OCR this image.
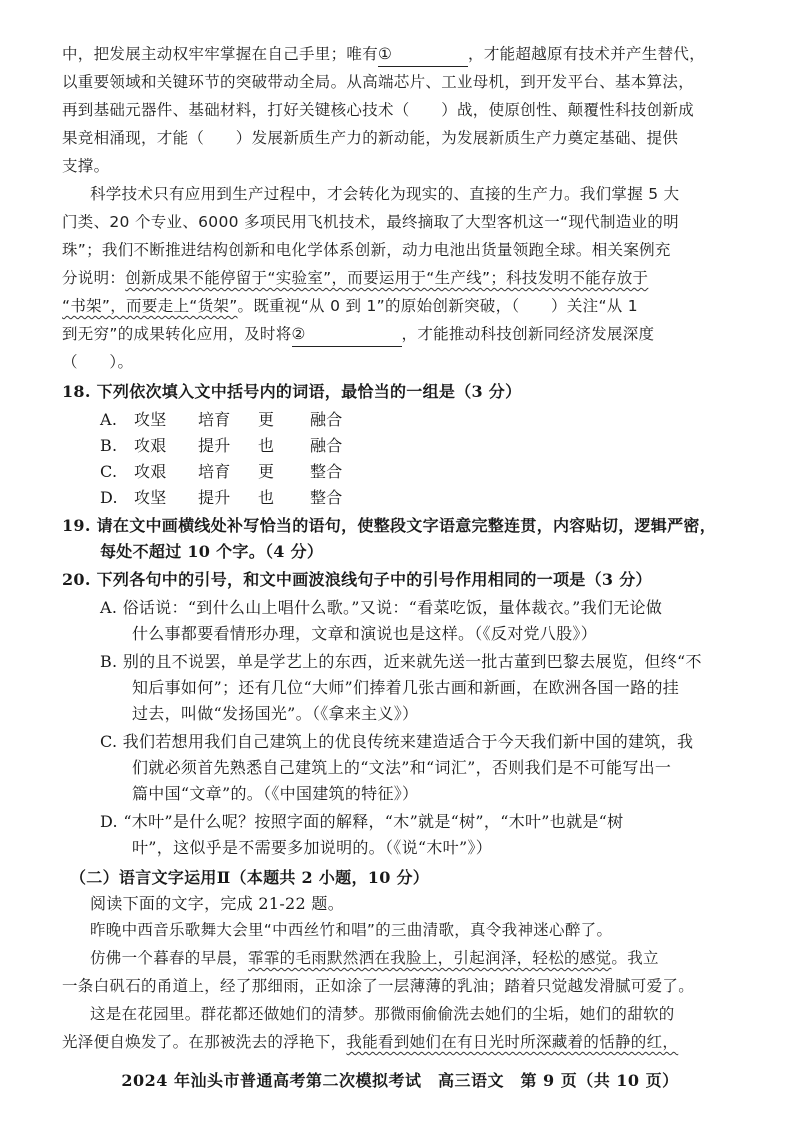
中，把发展主动权牢牢掌握在自己手里；唯有①	，才能超越原有技术并产生替代，
以重要领域和关键环节的突破带动全局。从高端芯片、工业母机，到开发平台、基本算法，
再到基础元器件、基础材料，打好关键核心技术（　　）战，使原创性、颠覆性科技创新成
果竞相涌现，才能（　　）发展新质生产力的新动能，为发展新质生产力奠定基础、提供
支撑。
科学技术只有应用到生产过程中，才会转化为现实的、直接的生产力。我们掌握 5 大
门类、20 个专业、6000 多项民用飞机技术，最终摘取了大型客机这一“现代制造业的明
珠”；我们不断推进结构创新和电化学体系创新，动力电池出货量领跑全球。相关案例充
分说明：创新成果不能停留于“实验室”，而要运用于“生产线”；科技发明不能存放于
“书架”，而要走上“货架”。既重视“从 0 到 1”的原始创新突破，（　　）关注“从 1
到无穷”的成果转化应用，及时将②	，才能推动科技创新同经济发展深度
（　　）。
18. 下列依次填入文中括号内的词语，最恰当的一组是（3 分）
A. 攻坚 培育 更 融合
B. 攻艰 提升 也 融合
C. 攻艰 培育 更 整合
D. 攻坚 提升 也 整合
19. 请在文中画横线处补写恰当的语句，使整段文字语意完整连贯，内容贴切，逻辑严密，
每处不超过 10 个字。（4 分）
20. 下列各句中的引号，和文中画波浪线句子中的引号作用相同的一项是（3 分）
A. 俗话说：“到什么山上唱什么歌。”又说：“看菜吃饭，量体裁衣。”我们无论做
什么事都要看情形办理，文章和演说也是这样。（《反对党八股》）
B. 别的且不说罢，单是学艺上的东西，近来就先送一批古董到巴黎去展览，但终“不
知后事如何”；还有几位“大师”们捧着几张古画和新画，在欧洲各国一路的挂
过去，叫做“发扬国光”。（《拿来主义》）
C. 我们若想用我们自己建筑上的优良传统来建造适合于今天我们新中国的建筑，我
们就必须首先熟悉自己建筑上的“文法”和“词汇”，否则我们是不可能写出一
篇中国“文章”的。（《中国建筑的特征》）
D. “木叶”是什么呢？按照字面的解释，“木”就是“树”，“木叶”也就是“树
叶”，这似乎是不需要多加说明的。（《说“木叶”》）
（二）语言文字运用Ⅱ（本题共 2 小题，10 分）
阅读下面的文字，完成 21-22 题。
昨晚中西音乐歌舞大会里“中西丝竹和唱”的三曲清歌，真令我神迷心醉了。
仿佛一个暮春的早晨，霏霏的毛雨默然洒在我脸上，引起润泽，轻松的感觉。我立
一条白矾石的甬道上，经了那细雨，正如涂了一层薄薄的乳油；踏着只觉越发滑腻可爱了。
这是在花园里。群花都还做她们的清梦。那微雨偷偷洗去她们的尘垢，她们的甜软的
光泽便自焕发了。在那被洗去的浮艳下，我能看到她们在有日光时所深藏着的恬静的红，
2024 年汕头市普通高考第二次模拟考试　高三语文　第 9 页（共 10 页）
